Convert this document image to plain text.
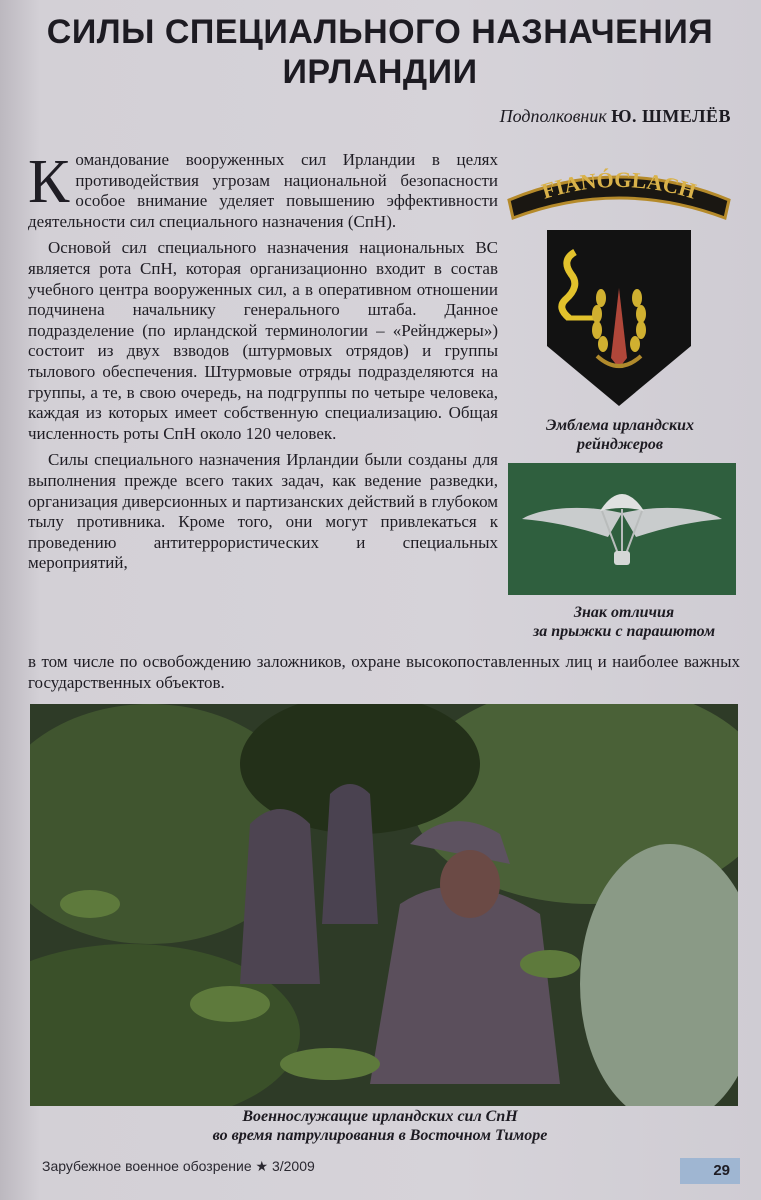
СИЛЫ СПЕЦИАЛЬНОГО НАЗНАЧЕНИЯ
ИРЛАНДИИ
Подполковник Ю. ШМЕЛЁВ

Командование вооруженных сил Ирландии в целях противодействия угрозам национальной безопасности особое внимание уделяет повышению эффективности деятельности сил специального назначения (СпН).

Основой сил специального назначения национальных ВС является рота СпН, которая организационно входит в состав учебного центра вооруженных сил, а в оперативном отношении подчинена начальнику генерального штаба. Данное подразделение (по ирландской терминологии – «Рейнджеры») состоит из двух взводов (штурмовых отрядов) и группы тылового обеспечения. Штурмовые отряды подразделяются на группы, а те, в свою очередь, на подгруппы по четыре человека, каждая из которых имеет собственную специализацию. Общая численность роты СпН около 120 человек.

Силы специального назначения Ирландии были созданы для выполнения прежде всего таких задач, как ведение разведки, организация диверсионных и партизанских действий в глубоком тылу противника. Кроме того, они могут привлекаться к проведению антитеррористических и специальных мероприятий,

в том числе по освобождению заложников, охране высокопоставленных лиц и наиболее важных государственных объектов.

FIANÓGLACH
Эмблема ирландских
рейнджеров
Знак отличия
за прыжки с парашютом
Военнослужащие ирландских сил СпН
во время патрулирования в Восточном Тиморе
Зарубежное военное обозрение ★ 3/2009	29
